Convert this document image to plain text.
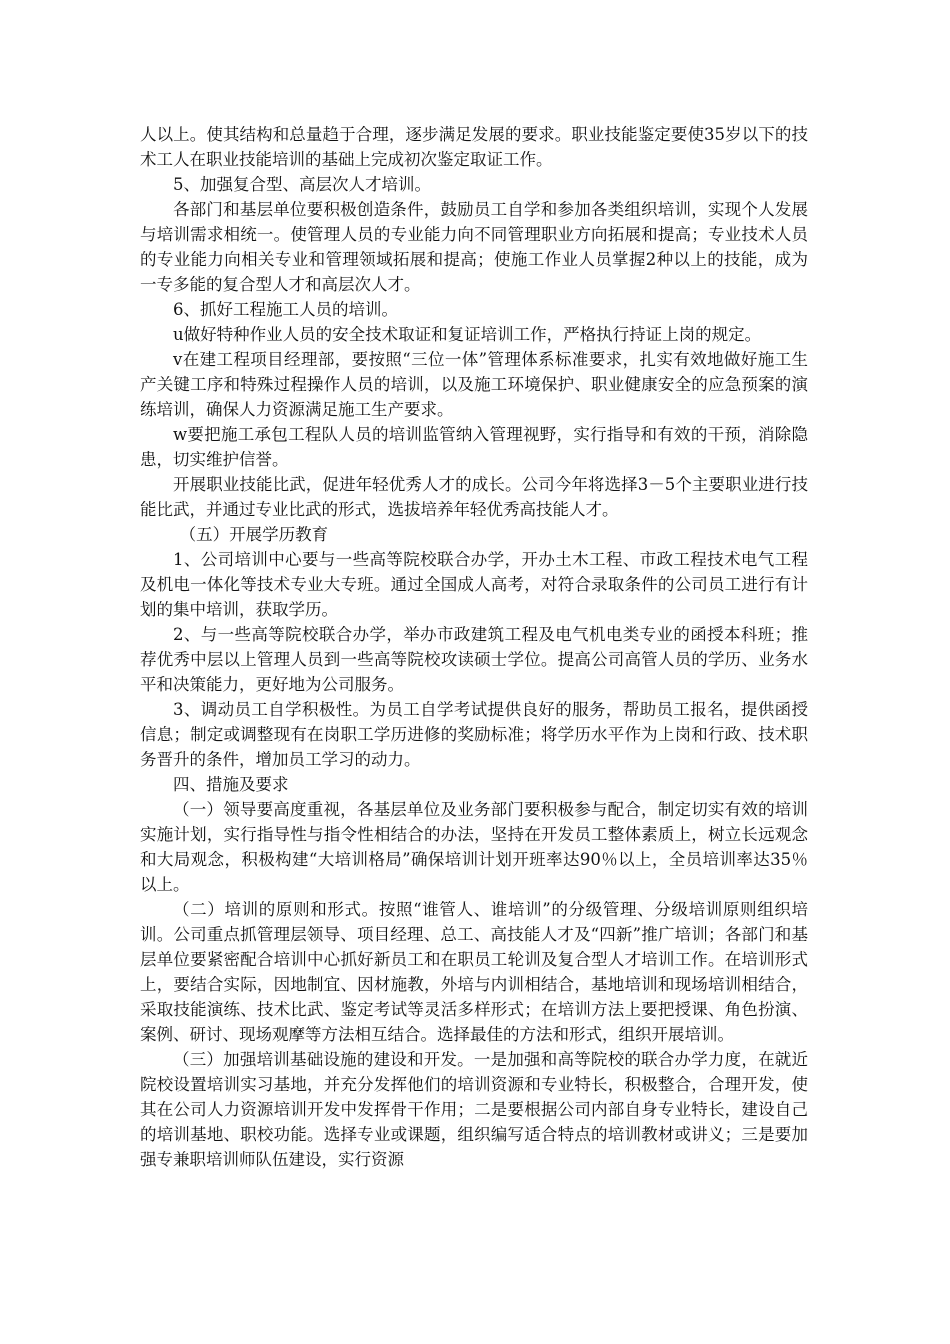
人以上。使其结构和总量趋于合理，逐步满足发展的要求。职业技能鉴定要使35岁以下的技术工人在职业技能培训的基础上完成初次鉴定取证工作。

5、加强复合型、高层次人才培训。

各部门和基层单位要积极创造条件，鼓励员工自学和参加各类组织培训，实现个人发展与培训需求相统一。使管理人员的专业能力向不同管理职业方向拓展和提高；专业技术人员的专业能力向相关专业和管理领域拓展和提高；使施工作业人员掌握2种以上的技能，成为一专多能的复合型人才和高层次人才。

6、抓好工程施工人员的培训。

u做好特种作业人员的安全技术取证和复证培训工作，严格执行持证上岗的规定。

v在建工程项目经理部，要按照“三位一体”管理体系标准要求，扎实有效地做好施工生产关键工序和特殊过程操作人员的培训，以及施工环境保护、职业健康安全的应急预案的演练培训，确保人力资源满足施工生产要求。

w要把施工承包工程队人员的培训监管纳入管理视野，实行指导和有效的干预，消除隐患，切实维护信誉。

开展职业技能比武，促进年轻优秀人才的成长。公司今年将选择3－5个主要职业进行技能比武，并通过专业比武的形式，选拔培养年轻优秀高技能人才。

（五）开展学历教育

1、公司培训中心要与一些高等院校联合办学，开办土木工程、市政工程技术电气工程及机电一体化等技术专业大专班。通过全国成人高考，对符合录取条件的公司员工进行有计划的集中培训，获取学历。

2、与一些高等院校联合办学，举办市政建筑工程及电气机电类专业的函授本科班；推荐优秀中层以上管理人员到一些高等院校攻读硕士学位。提高公司高管人员的学历、业务水平和决策能力，更好地为公司服务。

3、调动员工自学积极性。为员工自学考试提供良好的服务，帮助员工报名，提供函授信息；制定或调整现有在岗职工学历进修的奖励标准；将学历水平作为上岗和行政、技术职务晋升的条件，增加员工学习的动力。

四、措施及要求

（一）领导要高度重视，各基层单位及业务部门要积极参与配合，制定切实有效的培训实施计划，实行指导性与指令性相结合的办法，坚持在开发员工整体素质上，树立长远观念和大局观念，积极构建“大培训格局”确保培训计划开班率达90％以上，全员培训率达35％以上。

（二）培训的原则和形式。按照“谁管人、谁培训”的分级管理、分级培训原则组织培训。公司重点抓管理层领导、项目经理、总工、高技能人才及“四新”推广培训；各部门和基层单位要紧密配合培训中心抓好新员工和在职员工轮训及复合型人才培训工作。在培训形式上，要结合实际，因地制宜、因材施教，外培与内训相结合，基地培训和现场培训相结合，采取技能演练、技术比武、鉴定考试等灵活多样形式；在培训方法上要把授课、角色扮演、案例、研讨、现场观摩等方法相互结合。选择最佳的方法和形式，组织开展培训。

（三）加强培训基础设施的建设和开发。一是加强和高等院校的联合办学力度，在就近院校设置培训实习基地，并充分发挥他们的培训资源和专业特长，积极整合，合理开发，使其在公司人力资源培训开发中发挥骨干作用；二是要根据公司内部自身专业特长，建设自己的培训基地、职校功能。选择专业或课题，组织编写适合特点的培训教材或讲义；三是要加强专兼职培训师队伍建设，实行资源
